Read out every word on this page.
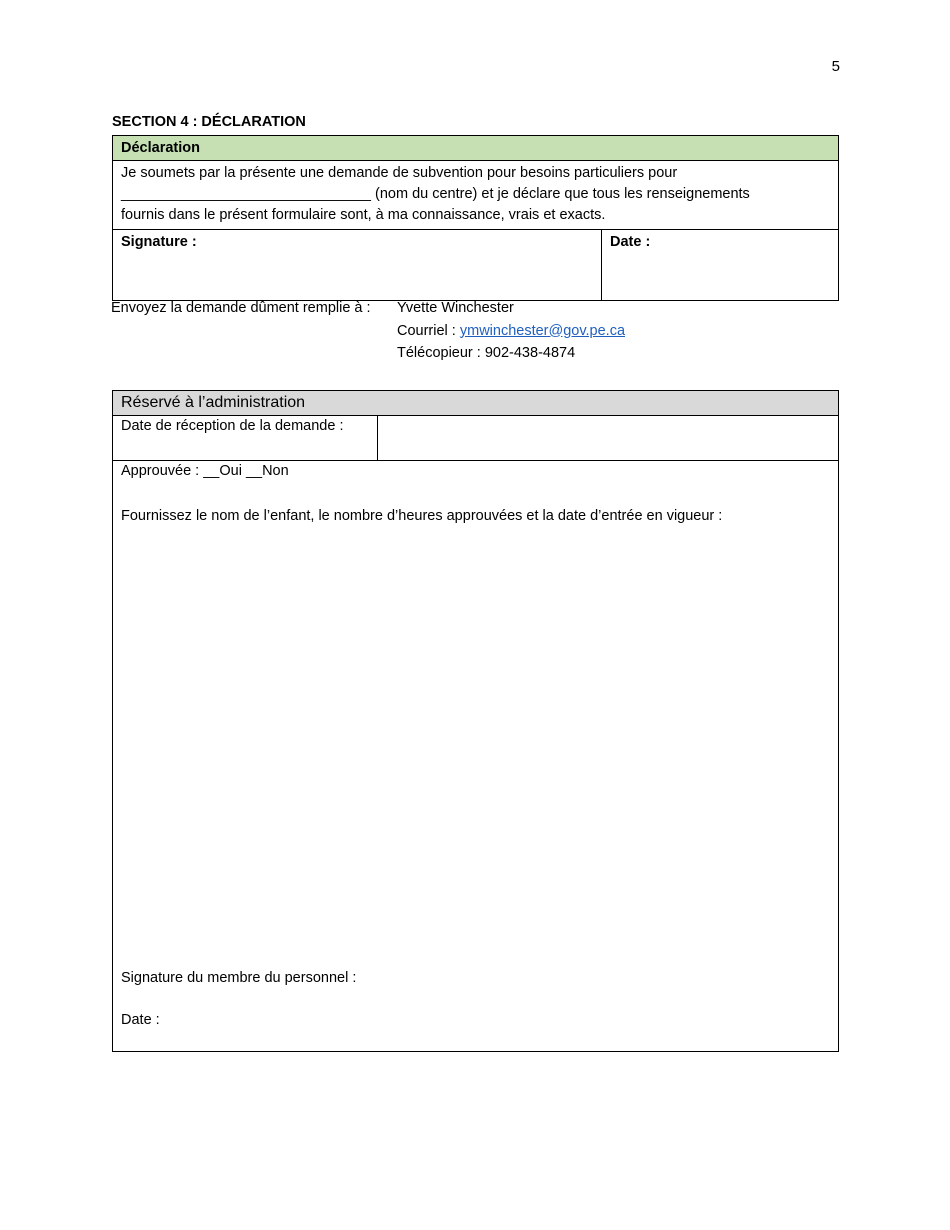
5
SECTION 4 : DÉCLARATION
Déclaration

Je soumets par la présente une demande de subvention pour besoins particuliers pour
_______________________________ (nom du centre) et je déclare que tous les renseignements
fournis dans le présent formulaire sont, à ma connaissance, vrais et exacts.

Signature :	Date :
Envoyez la demande dûment remplie à : Yvette Winchester
Courriel : ymwinchester@gov.pe.ca
Télécopieur : 902-438-4874
Réservé à l’administration
Date de réception de la demande :	

Approuvée : __Oui __Non
Fournissez le nom de l’enfant, le nombre d’heures approuvées et la date d’entrée en vigueur :
Signature du membre du personnel :
Date :
